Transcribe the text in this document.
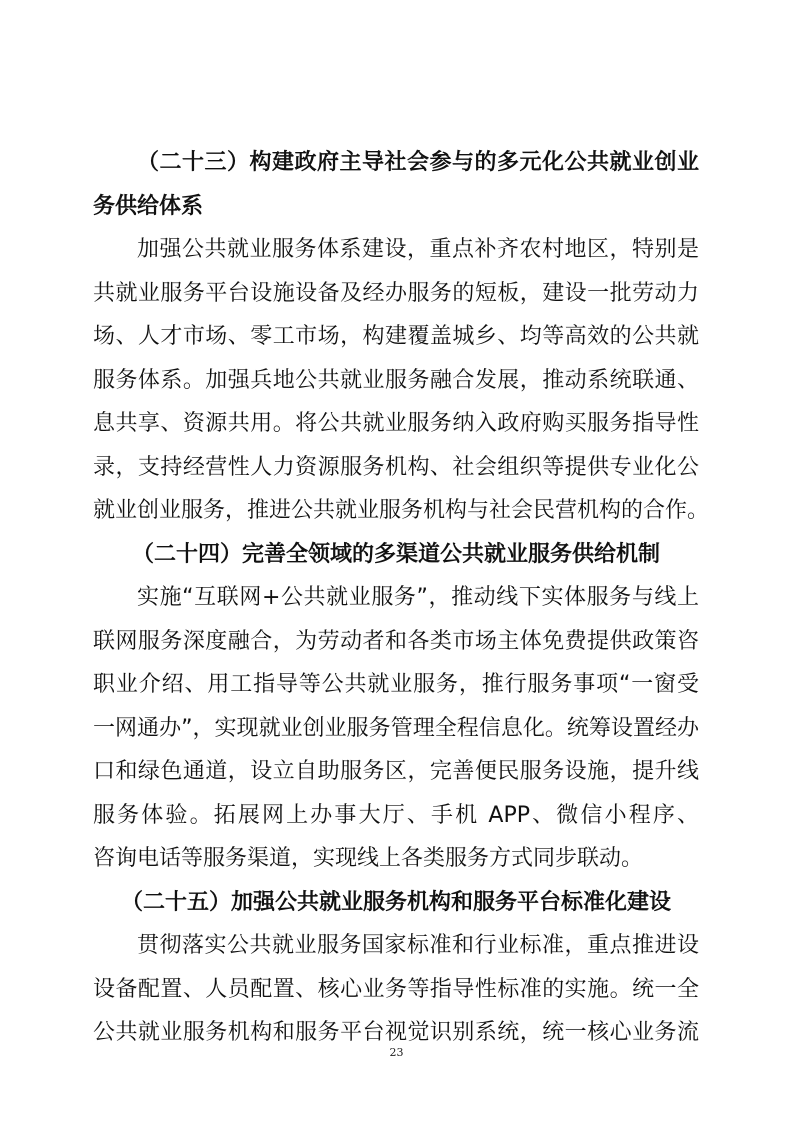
（二十三）构建政府主导社会参与的多元化公共就业创业
务供给体系
加强公共就业服务体系建设，重点补齐农村地区，特别是
共就业服务平台设施设备及经办服务的短板，建设一批劳动力
场、人才市场、零工市场，构建覆盖城乡、均等高效的公共就
服务体系。加强兵地公共就业服务融合发展，推动系统联通、
息共享、资源共用。将公共就业服务纳入政府购买服务指导性
录，支持经营性人力资源服务机构、社会组织等提供专业化公
就业创业服务，推进公共就业服务机构与社会民营机构的合作。
（二十四）完善全领域的多渠道公共就业服务供给机制
实施“互联网+公共就业服务”，推动线下实体服务与线上
联网服务深度融合，为劳动者和各类市场主体免费提供政策咨
职业介绍、用工指导等公共就业服务，推行服务事项“一窗受
一网通办”，实现就业创业服务管理全程信息化。统筹设置经办
口和绿色通道，设立自助服务区，完善便民服务设施，提升线
服务体验。拓展网上办事大厅、手机 APP、微信小程序、
咨询电话等服务渠道，实现线上各类服务方式同步联动。
（二十五）加强公共就业服务机构和服务平台标准化建设
贯彻落实公共就业服务国家标准和行业标准，重点推进设
设备配置、人员配置、核心业务等指导性标准的实施。统一全
公共就业服务机构和服务平台视觉识别系统，统一核心业务流
23
